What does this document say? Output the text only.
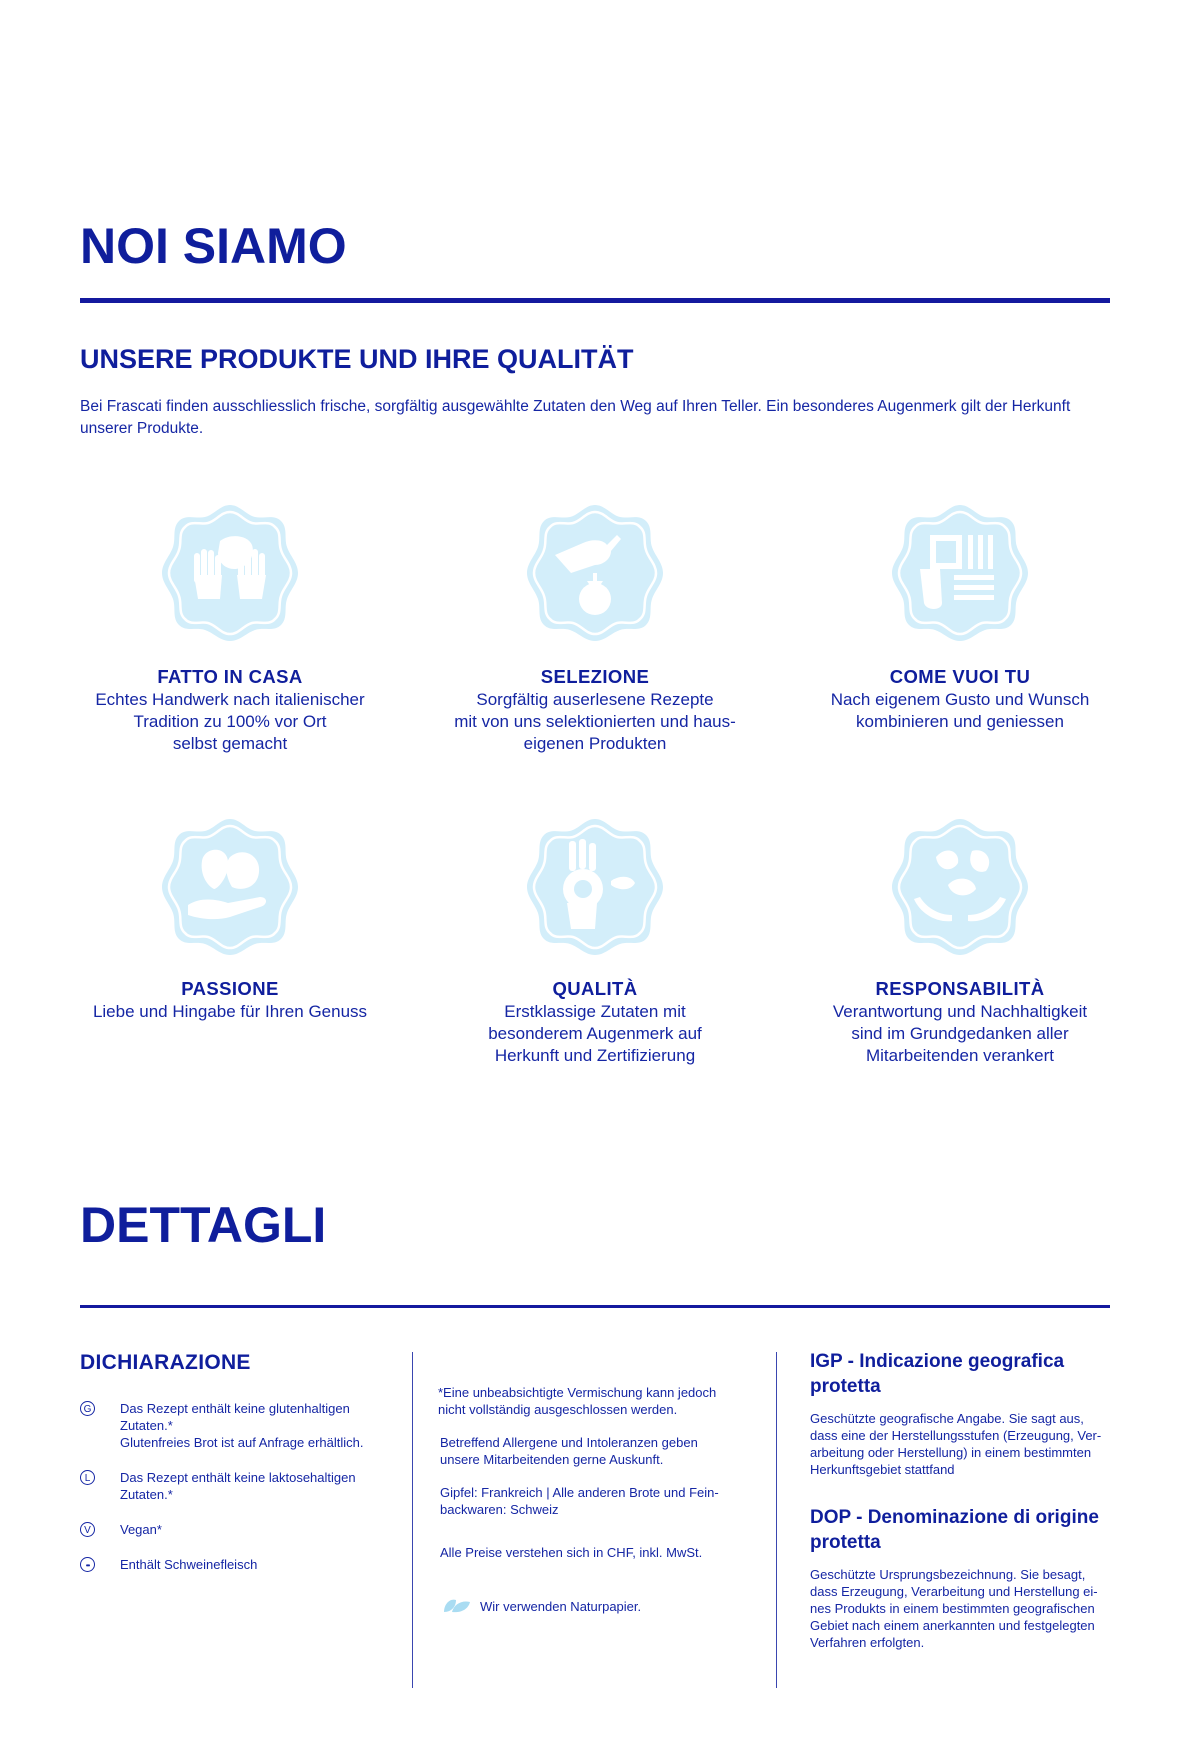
NOI SIAMO
UNSERE PRODUKTE UND IHRE QUALITÄT
Bei Frascati finden ausschliesslich frische, sorgfältig ausgewählte Zutaten den Weg auf Ihren Teller. Ein besonderes Augenmerk gilt der Herkunft unserer Produkte.
FATTO IN CASA
Echtes Handwerk nach italienischer
Tradition zu 100% vor Ort
selbst gemacht
SELEZIONE
Sorgfältig auserlesene Rezepte
mit von uns selektionierten und haus-
eigenen Produkten
COME VUOI TU
Nach eigenem Gusto und Wunsch
kombinieren und geniessen
PASSIONE
Liebe und Hingabe für Ihren Genuss
QUALITÀ
Erstklassige Zutaten mit
besonderem Augenmerk auf
Herkunft und Zertifizierung
RESPONSABILITÀ
Verantwortung und Nachhaltigkeit
sind im Grundgedanken aller
Mitarbeitenden verankert
DETTAGLI
DICHIARAZIONE
G Das Rezept enthält keine glutenhaltigen
Zutaten.*
Glutenfreies Brot ist auf Anfrage erhältlich.
L	Das Rezept enthält keine laktosehaltigen
Zutaten.*
V	Vegan*
••	Enthält Schweinefleisch
*Eine unbeabsichtigte Vermischung kann jedoch
nicht vollständig ausgeschlossen werden.
Betreffend Allergene und Intoleranzen geben
unsere Mitarbeitenden gerne Auskunft.
Gipfel: Frankreich | Alle anderen Brote und Fein-
backwaren: Schweiz
Alle Preise verstehen sich in CHF, inkl. MwSt.
Wir verwenden Naturpapier.
IGP - Indicazione geografica
protetta
Geschützte geografische Angabe. Sie sagt aus,
dass eine der Herstellungsstufen (Erzeugung, Ver-
arbeitung oder Herstellung) in einem bestimmten
Herkunftsgebiet stattfand
DOP - Denominazione di origine
protetta
Geschützte Ursprungsbezeichnung. Sie besagt,
dass Erzeugung, Verarbeitung und Herstellung ei-
nes Produkts in einem bestimmten geografischen
Gebiet nach einem anerkannten und festgelegten
Verfahren erfolgten.
